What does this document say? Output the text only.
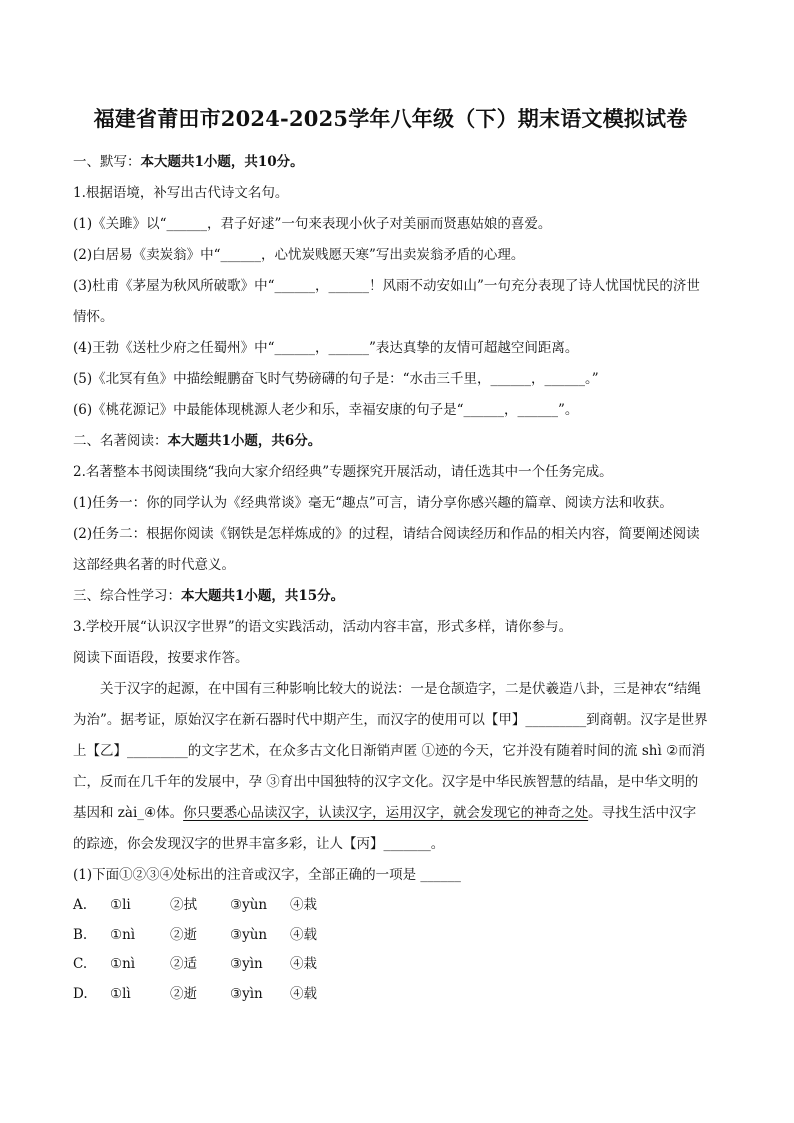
福建省莆田市2024-2025学年八年级（下）期末语文模拟试卷
一、默写：本大题共1小题，共10分。
1.根据语境，补写出古代诗文名句。
(1)《关雎》以“______，君子好逑”一句来表现小伙子对美丽而贤惠姑娘的喜爱。
(2)白居易《卖炭翁》中“______，心忧炭贱愿天寒”写出卖炭翁矛盾的心理。
(3)杜甫《茅屋为秋风所破歌》中“______，______！风雨不动安如山”一句充分表现了诗人忧国忧民的济世情怀。
(4)王勃《送杜少府之任蜀州》中“______，______”表达真挚的友情可超越空间距离。
(5)《北冥有鱼》中描绘鲲鹏奋飞时气势磅礴的句子是：“水击三千里，______，______。”
(6)《桃花源记》中最能体现桃源人老少和乐，幸福安康的句子是“______，______”。
二、名著阅读：本大题共1小题，共6分。
2.名著整本书阅读围绕“我向大家介绍经典”专题探究开展活动，请任选其中一个任务完成。
(1)任务一：你的同学认为《经典常谈》毫无“趣点”可言，请分享你感兴趣的篇章、阅读方法和收获。
(2)任务二：根据你阅读《钢铁是怎样炼成的》的过程，请结合阅读经历和作品的相关内容，简要阐述阅读这部经典名著的时代意义。
三、综合性学习：本大题共1小题，共15分。
3.学校开展“认识汉字世界”的语文实践活动，活动内容丰富，形式多样，请你参与。
阅读下面语段，按要求作答。
关于汉字的起源，在中国有三种影响比较大的说法：一是仓颉造字，二是伏羲造八卦，三是神农“结绳为治”。据考证，原始汉字在新石器时代中期产生，而汉字的使用可以【甲】_________到商朝。汉字是世界上【乙】_________的文字艺术，在众多古文化日渐销声匿 ①迹的今天，它并没有随着时间的流 shì ②而消亡，反而在几千年的发展中，孕 ③育出中国独特的汉字文化。汉字是中华民族智慧的结晶，是中华文明的基因和 zài_④体。你只要悉心品读汉字，认读汉字，运用汉字，就会发现它的神奇之处。寻找生活中汉字的踪迹，你会发现汉字的世界丰富多彩，让人【丙】_______。
(1)下面①②③④处标出的注音或汉字，全部正确的一项是 ______
A. ①li	②拭 ③yùn ④栽
B. ①nì	②逝 ③yùn ④载
C. ①nì	②适 ③yìn ④栽
D. ①lì	②逝 ③yìn ④载
